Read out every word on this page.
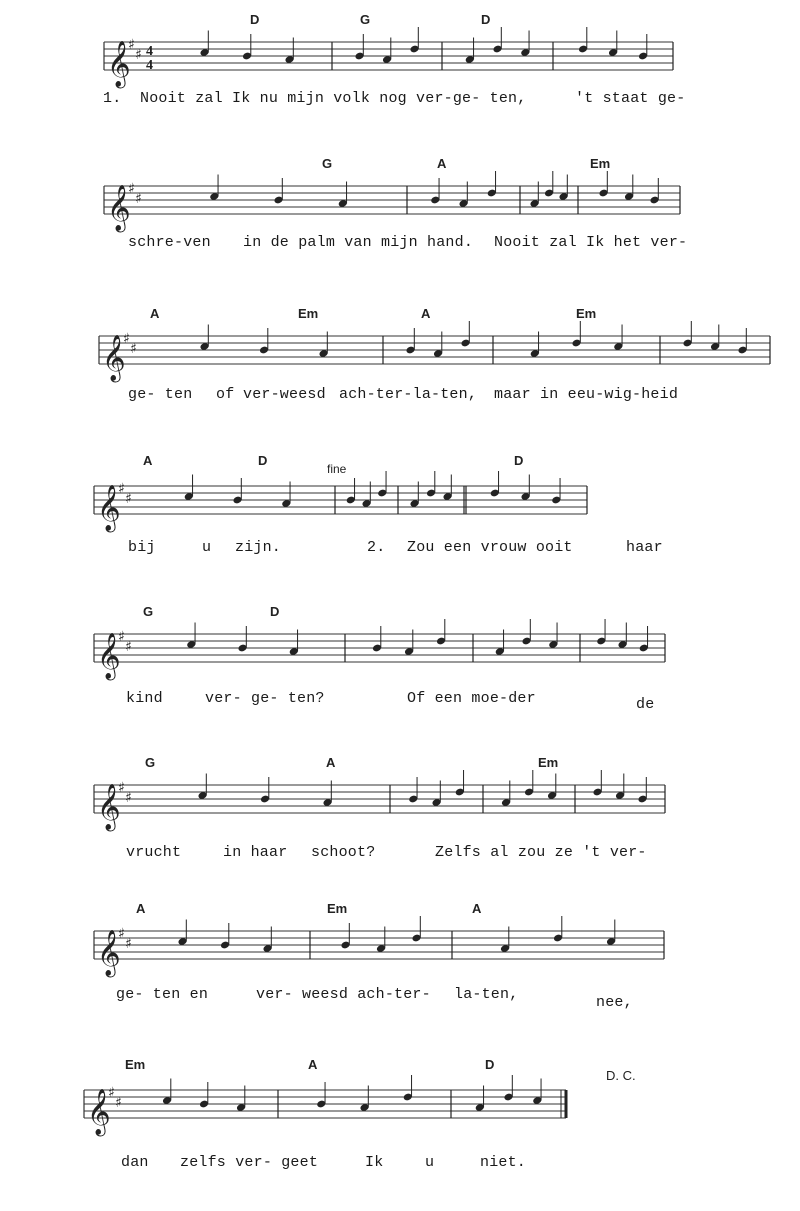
D	G	D
𝄞
♯
♯ 4
4
1. Nooit zal Ik nu mijn volk nog ver-ge- ten,	't staat ge-
G	A	Em
𝄞
♯
♯
schre-ven in de palm van mijn hand. Nooit zal Ik het ver-
A	Em	A	Em
𝄞
♯
♯
ge- ten of ver-weesd ach-ter-la-ten, maar in eeu-wig-heid
A	D	D
fine
𝄞
♯
♯
bij	u zijn.	2. Zou een vrouw ooit	haar
G	D
𝄞
♯
♯
kind	ver- ge- ten?	Of een moe-der	de
G	A	Em
𝄞
♯
♯
vrucht	in haar schoot?	Zelfs al zou ze 't ver-
A	Em	A
𝄞
♯
♯
ge- ten en	ver- weesd ach-ter- la-ten,	nee,
Em	A	D
D. C.
𝄞
♯
♯
dan zelfs ver- geet	Ik	u	niet.
